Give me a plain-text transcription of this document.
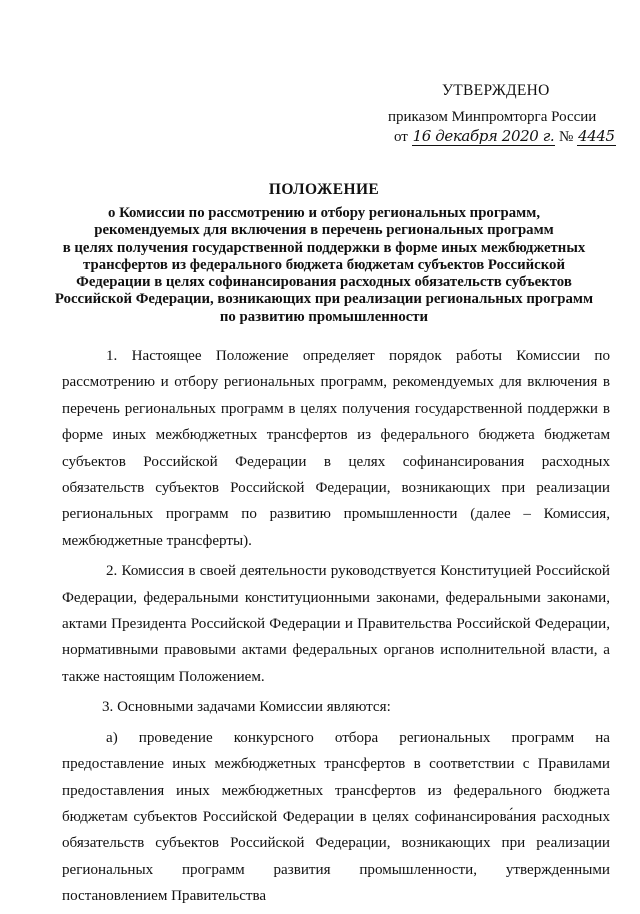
УТВЕРЖДЕНО
приказом Минпромторга России
от 16 декабря 2020 г. № 4445
ПОЛОЖЕНИЕ
о Комиссии по рассмотрению и отбору региональных программ,
рекомендуемых для включения в перечень региональных программ
в целях получения государственной поддержки в форме иных межбюджетных
трансфертов из федерального бюджета бюджетам субъектов Российской
Федерации в целях софинансирования расходных обязательств субъектов
Российской Федерации, возникающих при реализации региональных программ
по развитию промышленности

1. Настоящее Положение определяет порядок работы Комиссии по рассмотрению и отбору региональных программ, рекомендуемых для включения в перечень региональных программ в целях получения государственной поддержки в форме иных межбюджетных трансфертов из федерального бюджета бюджетам субъектов Российской Федерации в целях софинансирования расходных обязательств субъектов Российской Федерации, возникающих при реализации региональных программ по развитию промышленности (далее – Комиссия, межбюджетные трансферты).

2. Комиссия в своей деятельности руководствуется Конституцией Российской Федерации, федеральными конституционными законами, федеральными законами, актами Президента Российской Федерации и Правительства Российской Федерации, нормативными правовыми актами федеральных органов исполнительной власти, а также настоящим Положением.

3. Основными задачами Комиссии являются:

а) проведение конкурсного отбора региональных программ на предоставление иных межбюджетных трансфертов в соответствии с Правилами предоставления иных межбюджетных трансфертов из федерального бюджета бюджетам субъектов Российской Федерации в целях софинансирова́ния расходных обязательств субъектов Российской Федерации, возникающих при реализации региональных программ развития промышленности, утвержденными постановлением Правительства
